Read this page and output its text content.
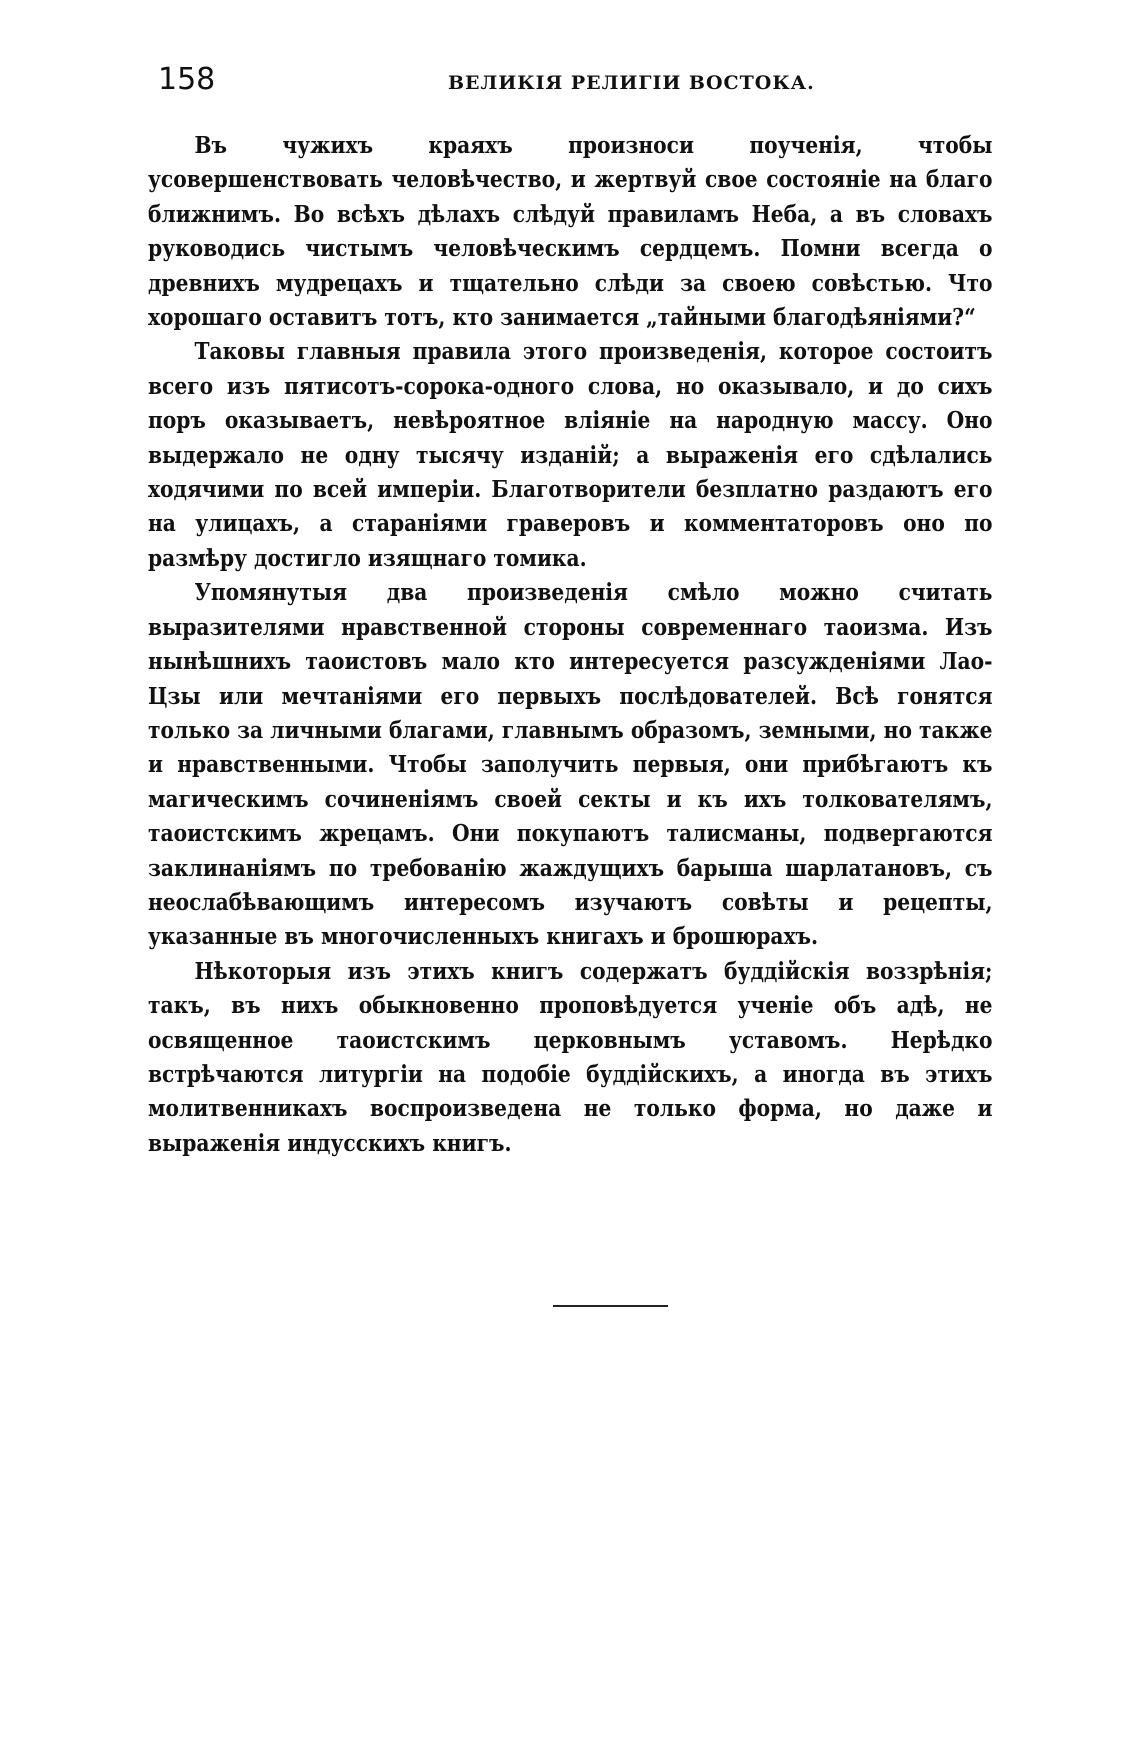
158	ВЕЛИКІЯ РЕЛИГІИ ВОСТОКА.

Въ чужихъ краяхъ произноси поученія, чтобы усовершенствовать человѣчество, и жертвуй свое состояніе на благо ближнимъ. Во всѣхъ дѣлахъ слѣдуй правиламъ Неба, а въ словахъ руководись чистымъ человѣческимъ сердцемъ. Помни всегда о древнихъ мудрецахъ и тщательно слѣди за своею совѣстью. Что хорошаго оставитъ тотъ, кто занимается „тайными благодѣяніями?“

Таковы главныя правила этого произведенія, которое состоитъ всего изъ пятисотъ-сорока-одного слова, но оказывало, и до сихъ поръ оказываетъ, невѣроятное вліяніе на народную массу. Оно выдержало не одну тысячу изданій; а выраженія его сдѣлались ходячими по всей имперіи. Благотворители безплатно раздаютъ его на улицахъ, а стараніями граверовъ и комментаторовъ оно по размѣру достигло изящнаго томика.

Упомянутыя два произведенія смѣло можно считать выразителями нравственной стороны современнаго таоизма. Изъ нынѣшнихъ таоистовъ мало кто интересуется разсужденіями Лао-Цзы или мечтаніями его первыхъ послѣдователей. Всѣ гонятся только за личными благами, главнымъ образомъ, земными, но также и нравственными. Чтобы заполучить первыя, они прибѣгаютъ къ магическимъ сочиненіямъ своей секты и къ ихъ толкователямъ, таоистскимъ жрецамъ. Они покупаютъ талисманы, подвергаются заклинаніямъ по требованію жаждущихъ барыша шарлатановъ, съ неослабѣвающимъ интересомъ изучаютъ совѣты и рецепты, указанные въ многочисленныхъ книгахъ и брошюрахъ.

Нѣкоторыя изъ этихъ книгъ содержатъ буддійскія воззрѣнія; такъ, въ нихъ обыкновенно проповѣдуется ученіе объ адѣ, не освященное таоистскимъ церковнымъ уставомъ. Нерѣдко встрѣчаются литургіи на подобіе буддійскихъ, а иногда въ этихъ молитвенникахъ воспроизведена не только форма, но даже и выраженія индусскихъ книгъ.
